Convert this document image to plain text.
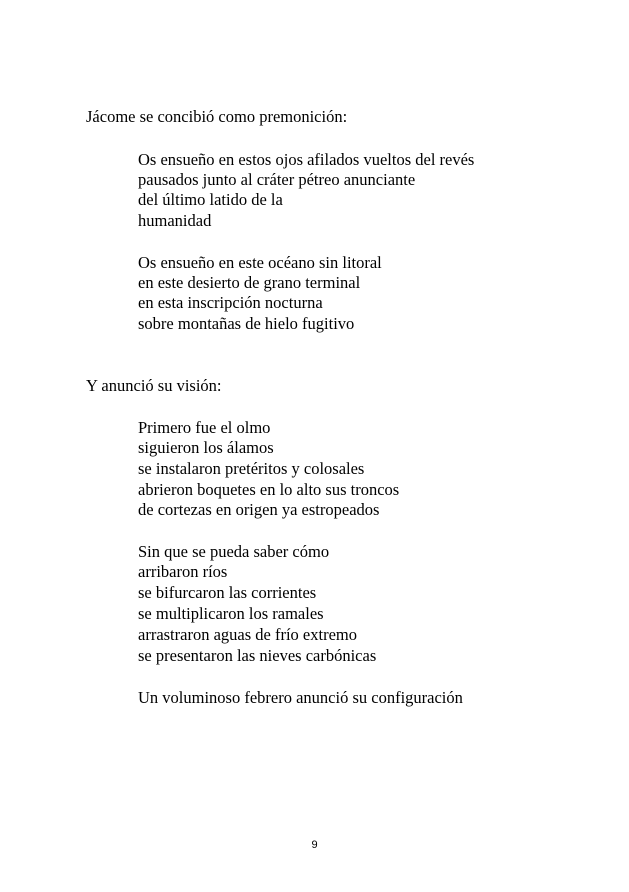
Jácome se concibió como premonición:
Os ensueño en estos ojos afilados vueltos del revés
pausados junto al cráter pétreo anunciante
del último latido de la
humanidad
Os ensueño en este océano sin litoral
en este desierto de grano terminal
en esta inscripción nocturna
sobre montañas de hielo fugitivo
Y anunció su visión:
Primero fue el olmo
siguieron los álamos
se instalaron pretéritos y colosales
abrieron boquetes en lo alto sus troncos
de cortezas en origen ya estropeados
Sin que se pueda saber cómo
arribaron ríos
se bifurcaron las corrientes
se multiplicaron los ramales
arrastraron aguas de frío extremo
se presentaron las nieves carbónicas
Un voluminoso febrero anunció su configuración
9
